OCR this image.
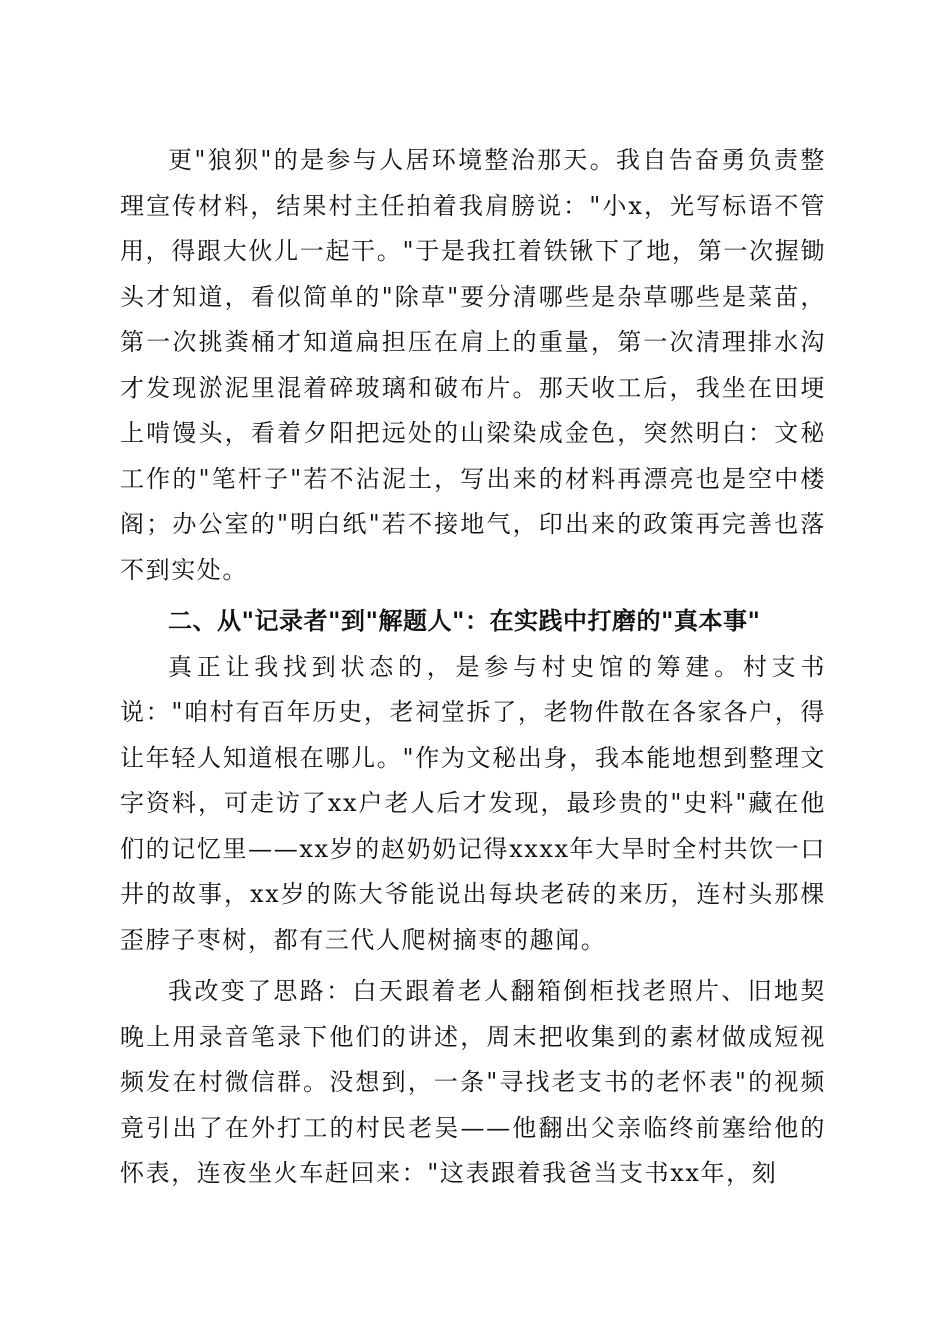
更"狼狈"的是参与人居环境整治那天。我自告奋勇负责整理宣传材料，结果村主任拍着我肩膀说："小x，光写标语不管用，得跟大伙儿一起干。"于是我扛着铁锹下了地，第一次握锄头才知道，看似简单的"除草"要分清哪些是杂草哪些是菜苗，第一次挑粪桶才知道扁担压在肩上的重量，第一次清理排水沟才发现淤泥里混着碎玻璃和破布片。那天收工后，我坐在田埂上啃馒头，看着夕阳把远处的山梁染成金色，突然明白：文秘工作的"笔杆子"若不沾泥土，写出来的材料再漂亮也是空中楼阁；办公室的"明白纸"若不接地气，印出来的政策再完善也落不到实处。

二、从"记录者"到"解题人"：在实践中打磨的"真本事"

真正让我找到状态的，是参与村史馆的筹建。村支书说："咱村有百年历史，老祠堂拆了，老物件散在各家各户，得让年轻人知道根在哪儿。"作为文秘出身，我本能地想到整理文字资料，可走访了xx户老人后才发现，最珍贵的"史料"藏在他们的记忆里——xx岁的赵奶奶记得xxxx年大旱时全村共饮一口井的故事，xx岁的陈大爷能说出每块老砖的来历，连村头那棵歪脖子枣树，都有三代人爬树摘枣的趣闻。

我改变了思路：白天跟着老人翻箱倒柜找老照片、旧地契晚上用录音笔录下他们的讲述，周末把收集到的素材做成短视频发在村微信群。没想到，一条"寻找老支书的老怀表"的视频竟引出了在外打工的村民老吴——他翻出父亲临终前塞给他的怀表，连夜坐火车赶回来："这表跟着我爸当支书xx年，刻
